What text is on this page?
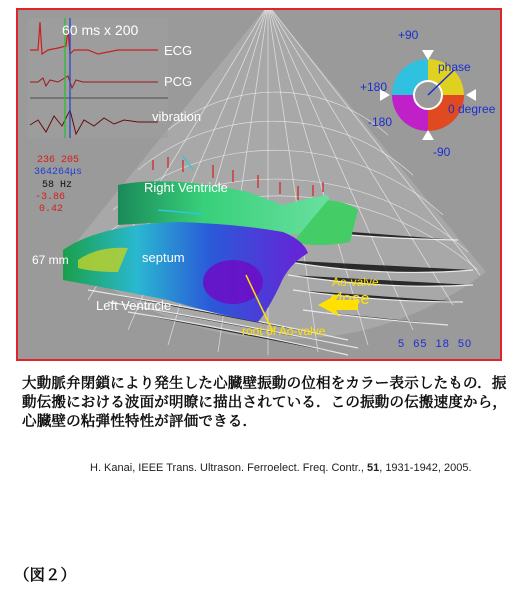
60 ms x 200
ECG
PCG
vibration
236 205
364264μs
58 Hz
-3.86
0.42
67 mm
Right Ventricle
septum
Left Ventricle
root of Ao-valve
Ao-valve
close
+90
+180
-180
-90
0 degree
phase
5  65  18  50
大動脈弁閉鎖により発生した心臓壁振動の位相をカラー表示したもの．振動伝搬における波面が明瞭に描出されている．この振動の伝搬速度から，心臓壁の粘弾性特性が評価できる．
H. Kanai, IEEE Trans. Ultrason. Ferroelect. Freq. Contr., 51, 1931-1942, 2005.
（図２）
